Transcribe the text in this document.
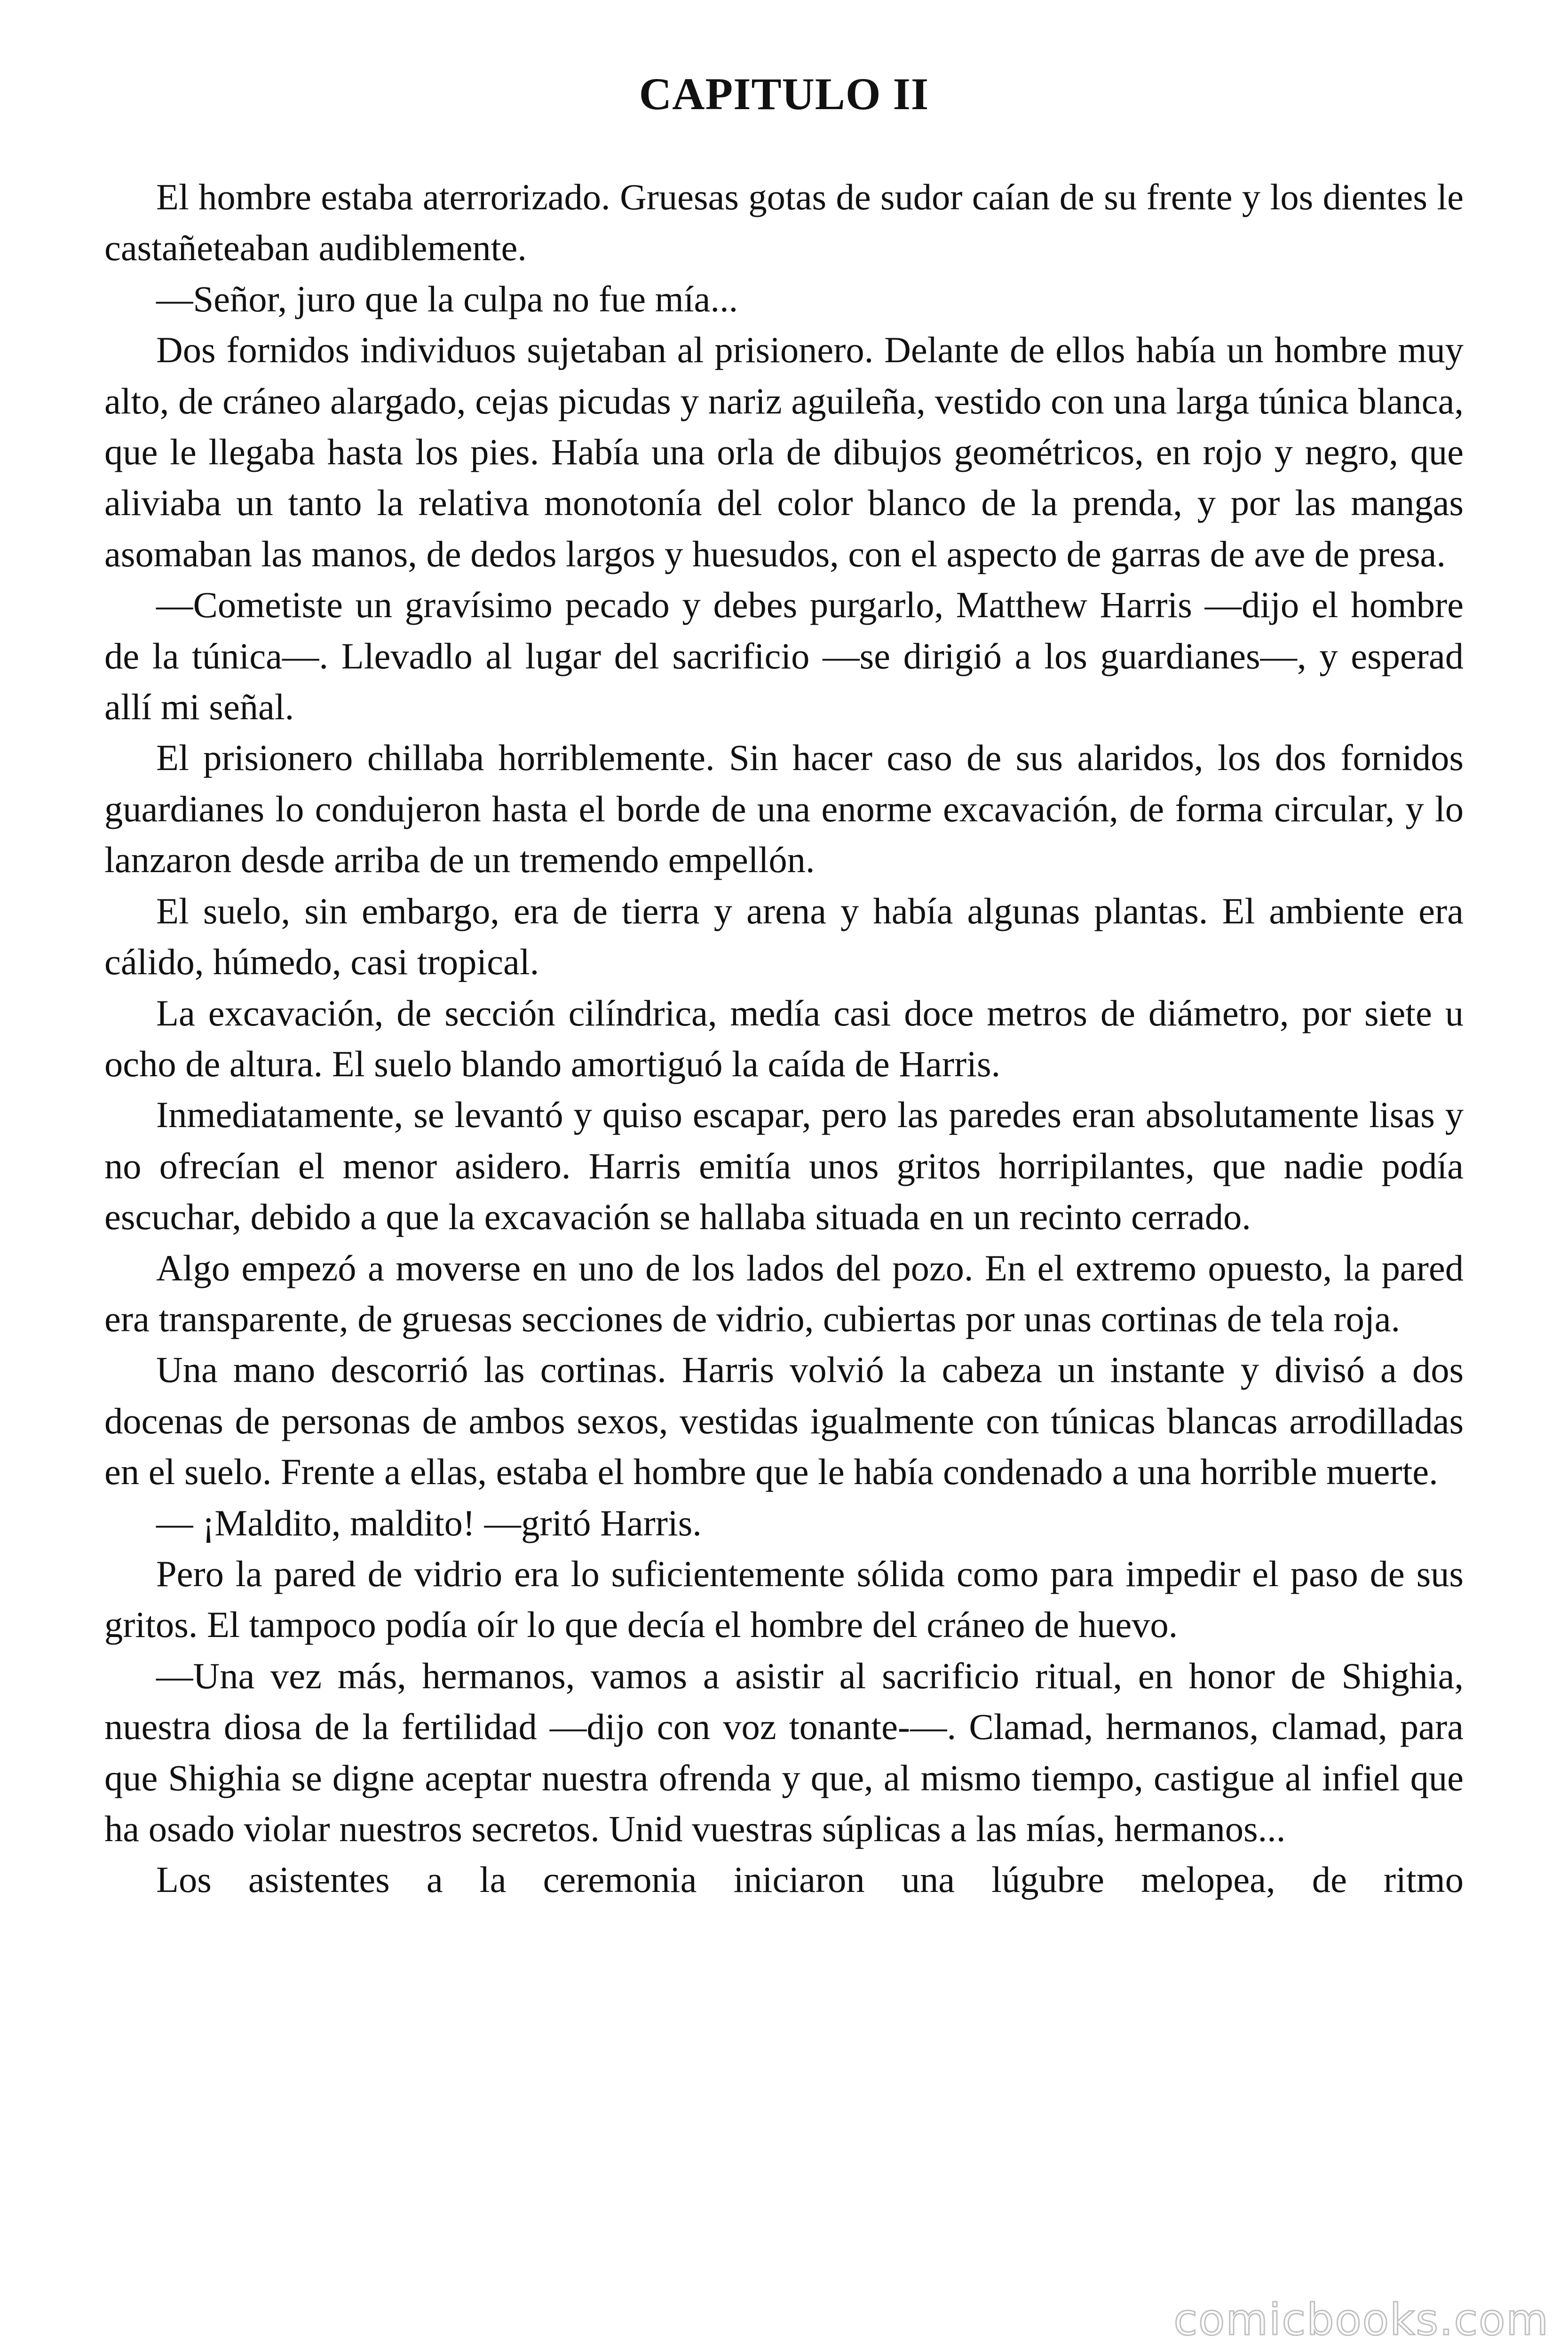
CAPITULO II

El hombre estaba aterrorizado. Gruesas gotas de sudor caían de su frente y los dientes le castañeteaban audiblemente.

—Señor, juro que la culpa no fue mía...

Dos fornidos individuos sujetaban al prisionero. Delante de ellos había un hombre muy alto, de cráneo alargado, cejas picudas y nariz aguileña, vestido con una larga túnica blanca, que le llegaba hasta los pies. Había una orla de dibujos geométricos, en rojo y negro, que aliviaba un tanto la relativa monotonía del color blanco de la prenda, y por las mangas asomaban las manos, de dedos largos y huesudos, con el aspecto de garras de ave de presa.

—Cometiste un gravísimo pecado y debes purgarlo, Matthew Harris —dijo el hombre de la túnica—. Llevadlo al lugar del sacrificio —se dirigió a los guardianes—, y esperad allí mi señal.

El prisionero chillaba horriblemente. Sin hacer caso de sus alaridos, los dos fornidos guardianes lo condujeron hasta el borde de una enorme excavación, de forma circular, y lo lanzaron desde arriba de un tremendo empellón.

El suelo, sin embargo, era de tierra y arena y había algunas plantas. El ambiente era cálido, húmedo, casi tropical.

La excavación, de sección cilíndrica, medía casi doce metros de diámetro, por siete u ocho de altura. El suelo blando amortiguó la caída de Harris.

Inmediatamente, se levantó y quiso escapar, pero las paredes eran absolutamente lisas y no ofrecían el menor asidero. Harris emitía unos gritos horripilantes, que nadie podía escuchar, debido a que la excavación se hallaba situada en un recinto cerrado.

Algo empezó a moverse en uno de los lados del pozo. En el extremo opuesto, la pared era transparente, de gruesas secciones de vidrio, cubiertas por unas cortinas de tela roja.

Una mano descorrió las cortinas. Harris volvió la cabeza un instante y divisó a dos docenas de personas de ambos sexos, vestidas igualmente con túnicas blancas arrodilladas en el suelo. Frente a ellas, estaba el hombre que le había condenado a una horrible muerte.

— ¡Maldito, maldito! —gritó Harris.

Pero la pared de vidrio era lo suficientemente sólida como para impedir el paso de sus gritos. El tampoco podía oír lo que decía el hombre del cráneo de huevo.

—Una vez más, hermanos, vamos a asistir al sacrificio ritual, en honor de Shighia, nuestra diosa de la fertilidad —dijo con voz tonante-—. Clamad, hermanos, clamad, para que Shighia se digne aceptar nuestra ofrenda y que, al mismo tiempo, castigue al infiel que ha osado violar nuestros secretos. Unid vuestras súplicas a las mías, hermanos...

Los asistentes a la ceremonia iniciaron una lúgubre melopea, de ritmo

comicbooks.com
